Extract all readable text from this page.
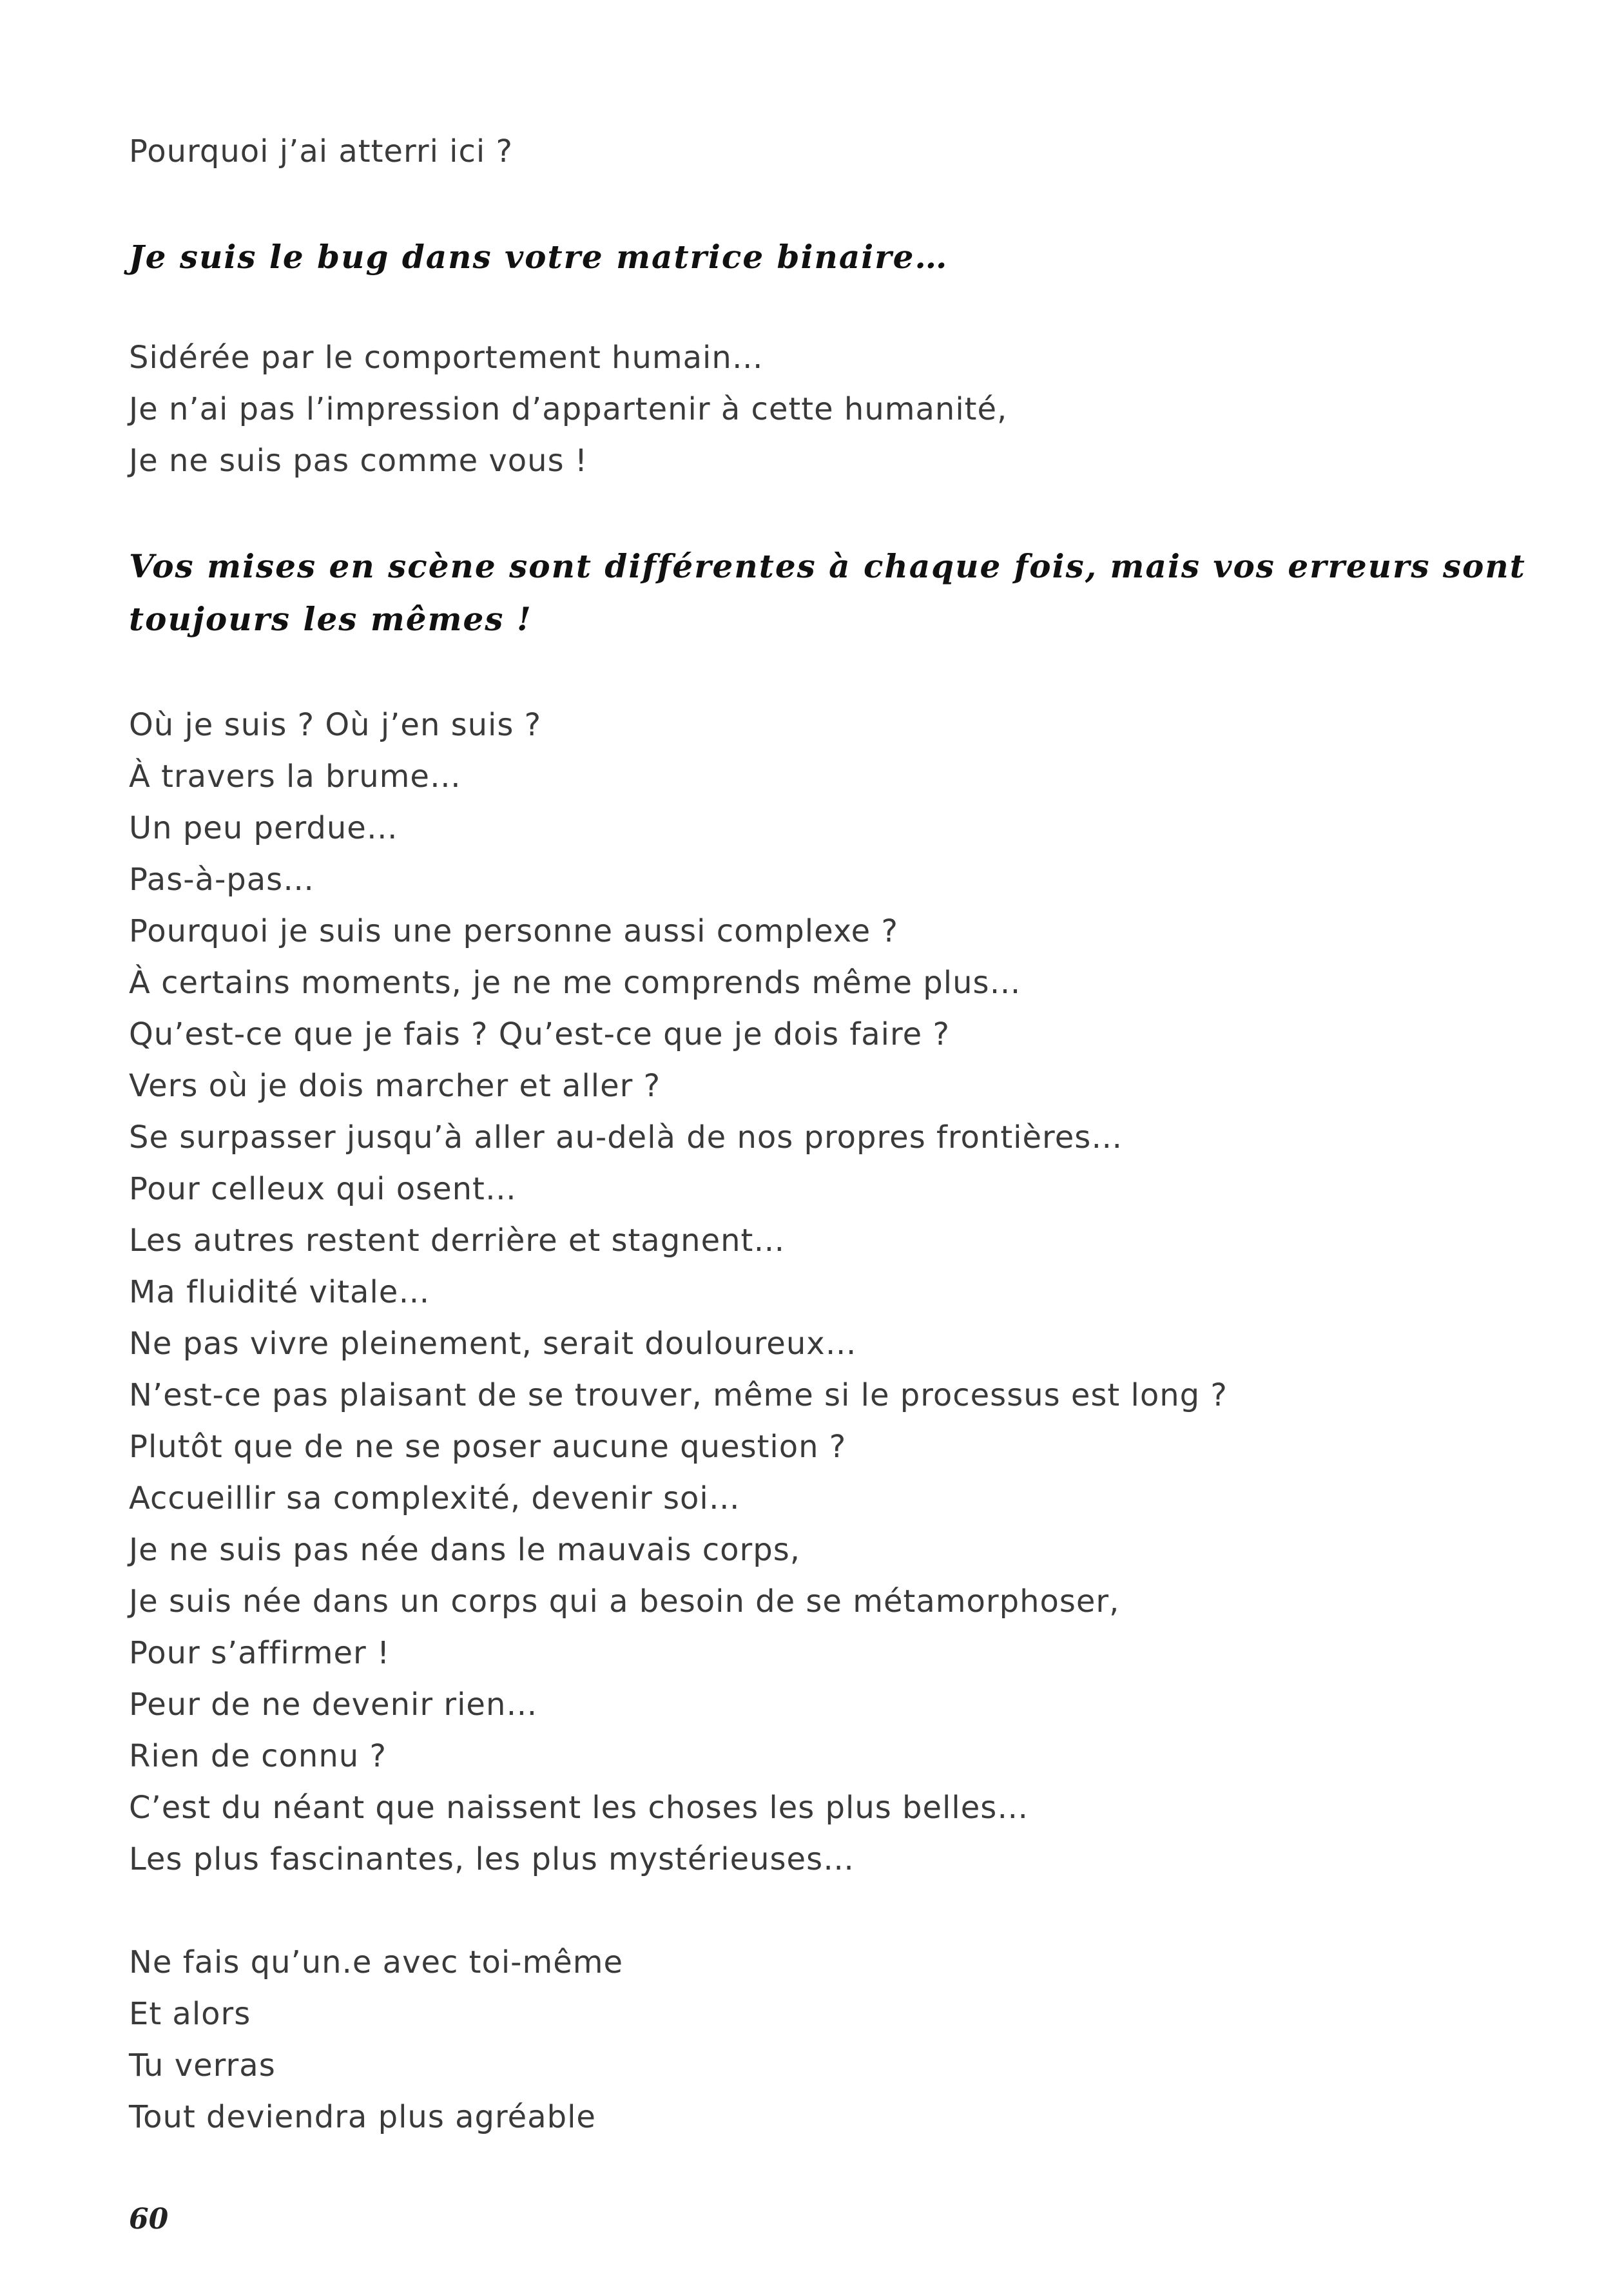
Pourquoi j’ai atterri ici ?
Je suis le bug dans votre matrice binaire…
Sidérée par le comportement humain…
Je n’ai pas l’impression d’appartenir à cette humanité,
Je ne suis pas comme vous !
Vos mises en scène sont différentes à chaque fois, mais vos erreurs sont
toujours les mêmes !
Où je suis ? Où j’en suis ?
À travers la brume…
Un peu perdue…
Pas-à-pas…
Pourquoi je suis une personne aussi complexe ?
À certains moments, je ne me comprends même plus…
Qu’est-ce que je fais ? Qu’est-ce que je dois faire ?
Vers où je dois marcher et aller ?
Se surpasser jusqu’à aller au-delà de nos propres frontières…
Pour celleux qui osent…
Les autres restent derrière et stagnent…
Ma fluidité vitale…
Ne pas vivre pleinement, serait douloureux…
N’est-ce pas plaisant de se trouver, même si le processus est long ?
Plutôt que de ne se poser aucune question ?
Accueillir sa complexité, devenir soi…
Je ne suis pas née dans le mauvais corps,
Je suis née dans un corps qui a besoin de se métamorphoser,
Pour s’affirmer !
Peur de ne devenir rien…
Rien de connu ?
C’est du néant que naissent les choses les plus belles…
Les plus fascinantes, les plus mystérieuses…
Ne fais qu’un.e avec toi-même
Et alors
Tu verras
Tout deviendra plus agréable
60
